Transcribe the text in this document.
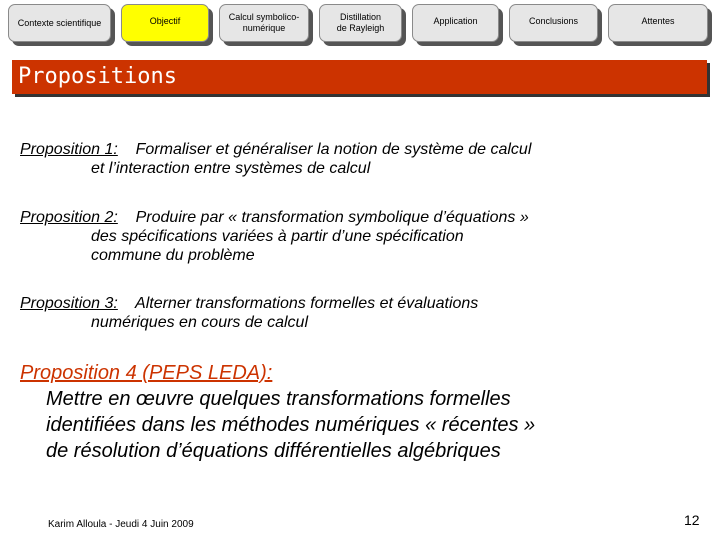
Contexte scientifique	Objectif	Calcul symbolico-
numérique
Distillation
de Rayleigh
Application	Conclusions	Attentes
Propositions
Proposition 1: Formaliser et généraliser la notion de système de calcul
et l’interaction entre systèmes de calcul
Proposition 2: Produire par « transformation symbolique d’équations »
des spécifications variées à partir d’une spécification
commune du problème
Proposition 3: Alterner transformations formelles et évaluations
numériques en cours de calcul
Proposition 4 (PEPS LEDA):
Mettre en œuvre quelques transformations formelles
identifiées dans les méthodes numériques « récentes »
de résolution d’équations différentielles algébriques
Karim Alloula - Jeudi 4 Juin 2009	12
